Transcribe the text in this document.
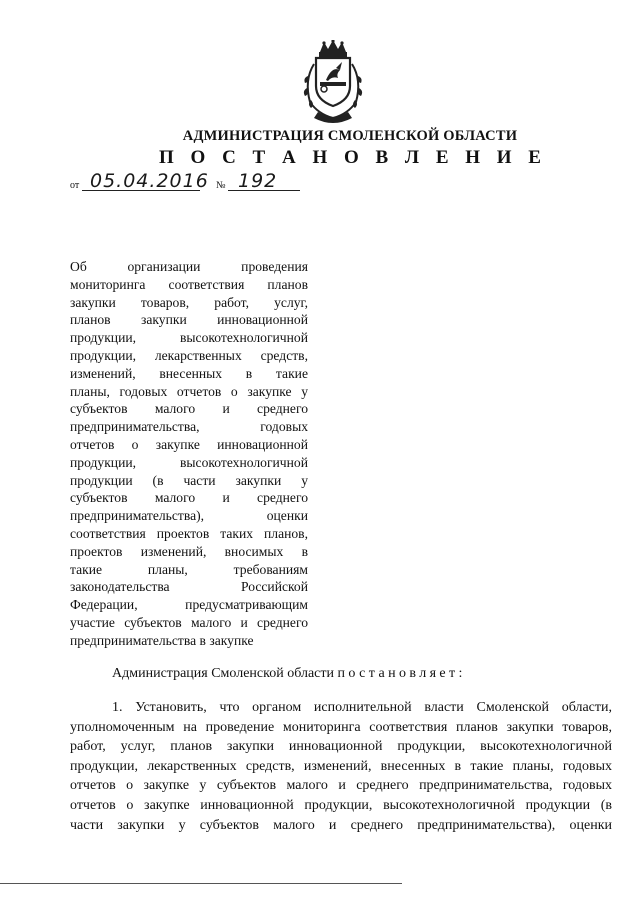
АДМИНИСТРАЦИЯ СМОЛЕНСКОЙ ОБЛАСТИ
П О С Т А Н О В Л Е Н И Е
от 05.04.2016 № 192
Об организации проведения
мониторинга соответствия планов
закупки товаров, работ, услуг,
планов закупки инновационной
продукции, высокотехнологичной
продукции, лекарственных средств,
изменений, внесенных в такие
планы, годовых отчетов о закупке у
субъектов малого и среднего
предпринимательства, годовых
отчетов о закупке инновационной
продукции, высокотехнологичной
продукции (в части закупки у
субъектов малого и среднего
предпринимательства), оценки
соответствия проектов таких планов,
проектов изменений, вносимых в
такие планы, требованиям
законодательства Российской
Федерации, предусматривающим
участие субъектов малого и среднего
предпринимательства в закупке
Администрация Смоленской области постановляет:
1. Установить, что органом исполнительной власти Смоленской области,
уполномоченным на проведение мониторинга соответствия планов закупки товаров,
работ, услуг, планов закупки инновационной продукции, высокотехнологичной
продукции, лекарственных средств, изменений, внесенных в такие планы, годовых
отчетов о закупке у субъектов малого и среднего предпринимательства, годовых
отчетов о закупке инновационной продукции, высокотехнологичной продукции (в
части закупки у субъектов малого и среднего предпринимательства), оценки
